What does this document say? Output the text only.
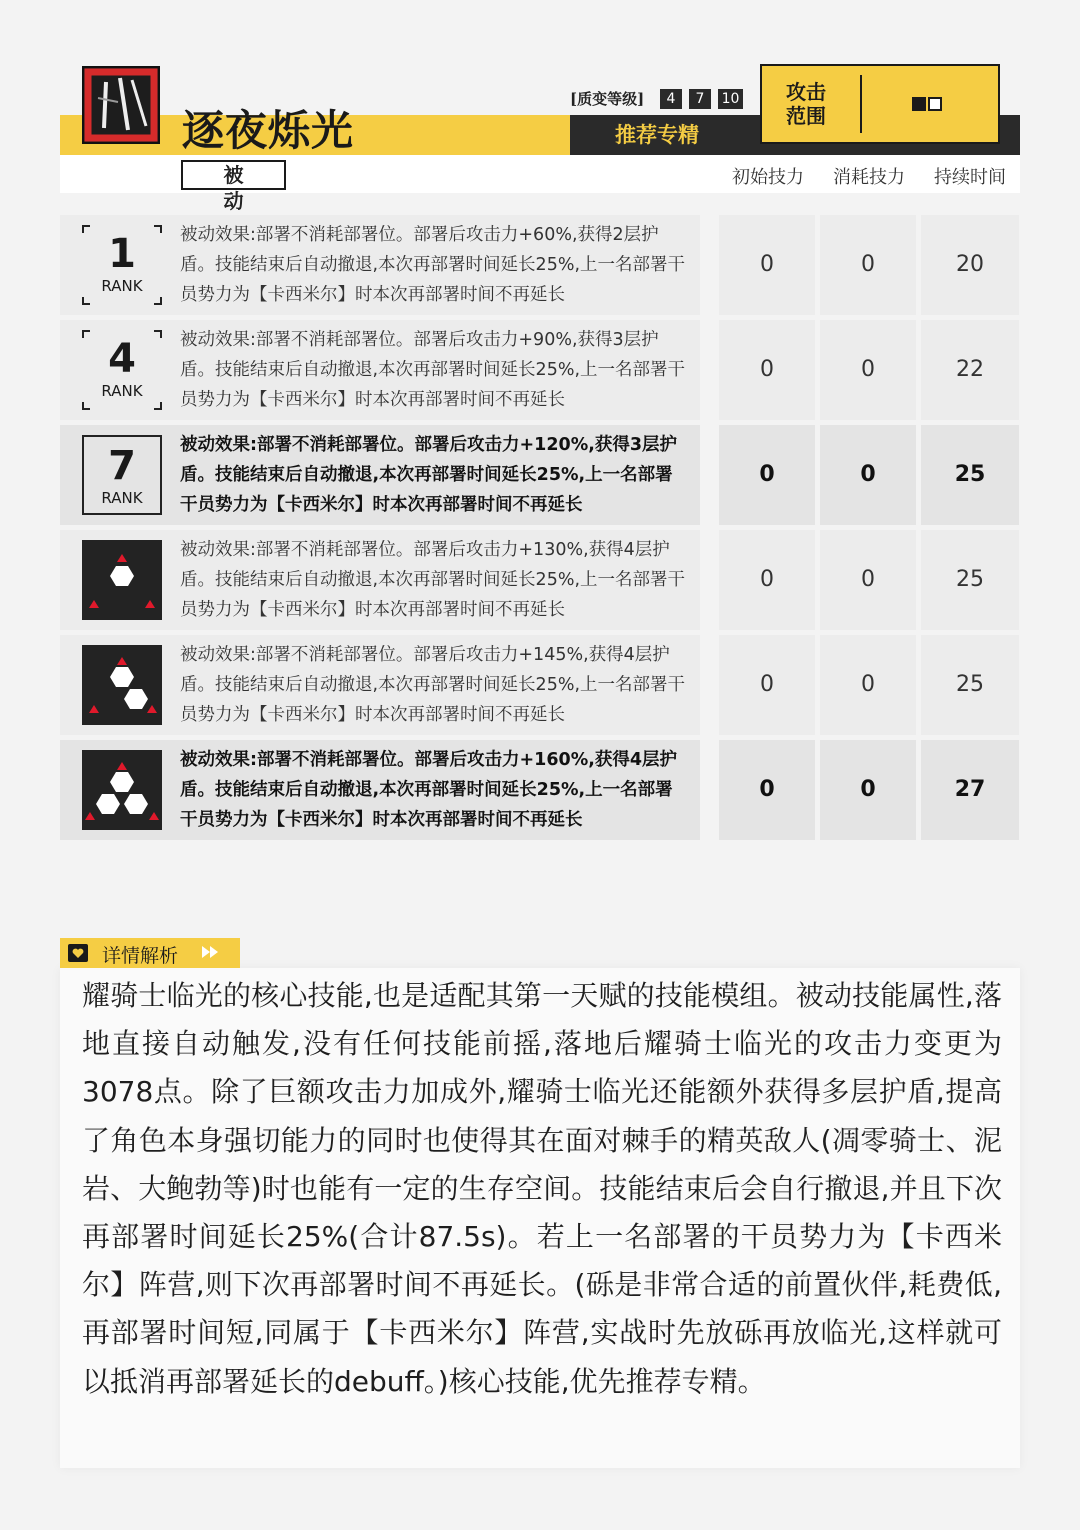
逐夜烁光
被 动
[质变等级]	4	7	10
推荐专精
攻击范围
初始技力	消耗技力	持续时间
1
RANK
被动效果:部署不消耗部署位。部署后攻击力+60%,获得2层护盾。技能结束后自动撤退,本次再部署时间延长25%,上一名部署干员势力为【卡西米尔】时本次再部署时间不再延长
0	0	20
4
RANK
被动效果:部署不消耗部署位。部署后攻击力+90%,获得3层护盾。技能结束后自动撤退,本次再部署时间延长25%,上一名部署干员势力为【卡西米尔】时本次再部署时间不再延长
0	0	22
7
RANK
被动效果:部署不消耗部署位。部署后攻击力+120%,获得3层护盾。技能结束后自动撤退,本次再部署时间延长25%,上一名部署干员势力为【卡西米尔】时本次再部署时间不再延长
0	0	25
被动效果:部署不消耗部署位。部署后攻击力+130%,获得4层护盾。技能结束后自动撤退,本次再部署时间延长25%,上一名部署干员势力为【卡西米尔】时本次再部署时间不再延长
0	0	25
被动效果:部署不消耗部署位。部署后攻击力+145%,获得4层护盾。技能结束后自动撤退,本次再部署时间延长25%,上一名部署干员势力为【卡西米尔】时本次再部署时间不再延长
0	0	25
被动效果:部署不消耗部署位。部署后攻击力+160%,获得4层护盾。技能结束后自动撤退,本次再部署时间延长25%,上一名部署干员势力为【卡西米尔】时本次再部署时间不再延长
0	0	27
详情解析
耀骑士临光的核心技能,也是适配其第一天赋的技能模组。被动技能属性,落地直接自动触发,没有任何技能前摇,落地后耀骑士临光的攻击力变更为3078点。除了巨额攻击力加成外,耀骑士临光还能额外获得多层护盾,提高了角色本身强切能力的同时也使得其在面对棘手的精英敌人(凋零骑士、泥岩、大鲍勃等)时也能有一定的生存空间。技能结束后会自行撤退,并且下次再部署时间延长25%(合计87.5s)。若上一名部署的干员势力为【卡西米尔】阵营,则下次再部署时间不再延长。(砾是非常合适的前置伙伴,耗费低,再部署时间短,同属于【卡西米尔】阵营,实战时先放砾再放临光,这样就可以抵消再部署延长的debuff。)核心技能,优先推荐专精。
